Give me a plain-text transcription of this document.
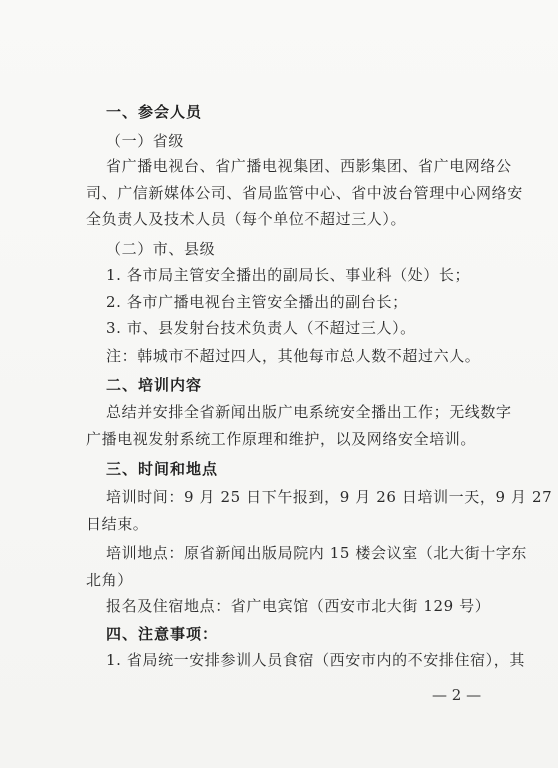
一、参会人员
（一）省级
省广播电视台、省广播电视集团、西影集团、省广电网络公
司、广信新媒体公司、省局监管中心、省中波台管理中心网络安
全负责人及技术人员（每个单位不超过三人）。
（二）市、县级
1. 各市局主管安全播出的副局长、事业科（处）长；
2. 各市广播电视台主管安全播出的副台长；
3. 市、县发射台技术负责人（不超过三人）。
注：韩城市不超过四人，其他每市总人数不超过六人。
二、培训内容
总结并安排全省新闻出版广电系统安全播出工作；无线数字
广播电视发射系统工作原理和维护，以及网络安全培训。
三、时间和地点
培训时间：9 月 25 日下午报到，9 月 26 日培训一天，9 月 27
日结束。
培训地点：原省新闻出版局院内 15 楼会议室（北大街十字东
北角）
报名及住宿地点：省广电宾馆（西安市北大街 129 号）
四、注意事项：
1. 省局统一安排参训人员食宿（西安市内的不安排住宿），其
— 2 —
